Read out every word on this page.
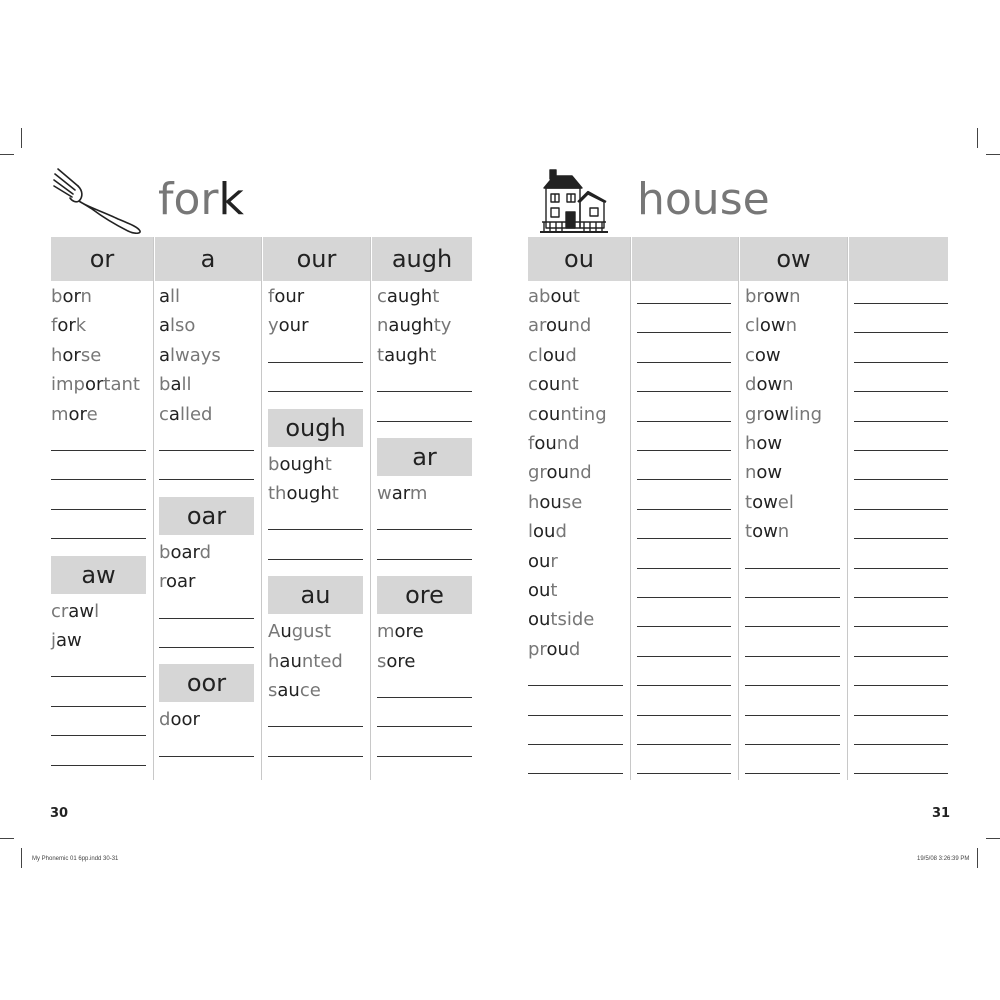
fork	house
or
born
fork
horse
important
more
aw
crawl
jaw
a
all
also
always
ball
called
oar
board
roar
oor
door
our
four
your
ough
bought
thought
au
August
haunted
sauce
augh
caught
naughty
taught
ar
warm
ore
more
sore
ou
about
around
cloud
count
counting
found
ground
house
loud
our
out
outside
proud
ow
brown
clown
cow
down
growling
how
now
towel
town
30	31
My Phonemic 01 6pp.indd 30-31	19/5/08 3:26:39 PM
